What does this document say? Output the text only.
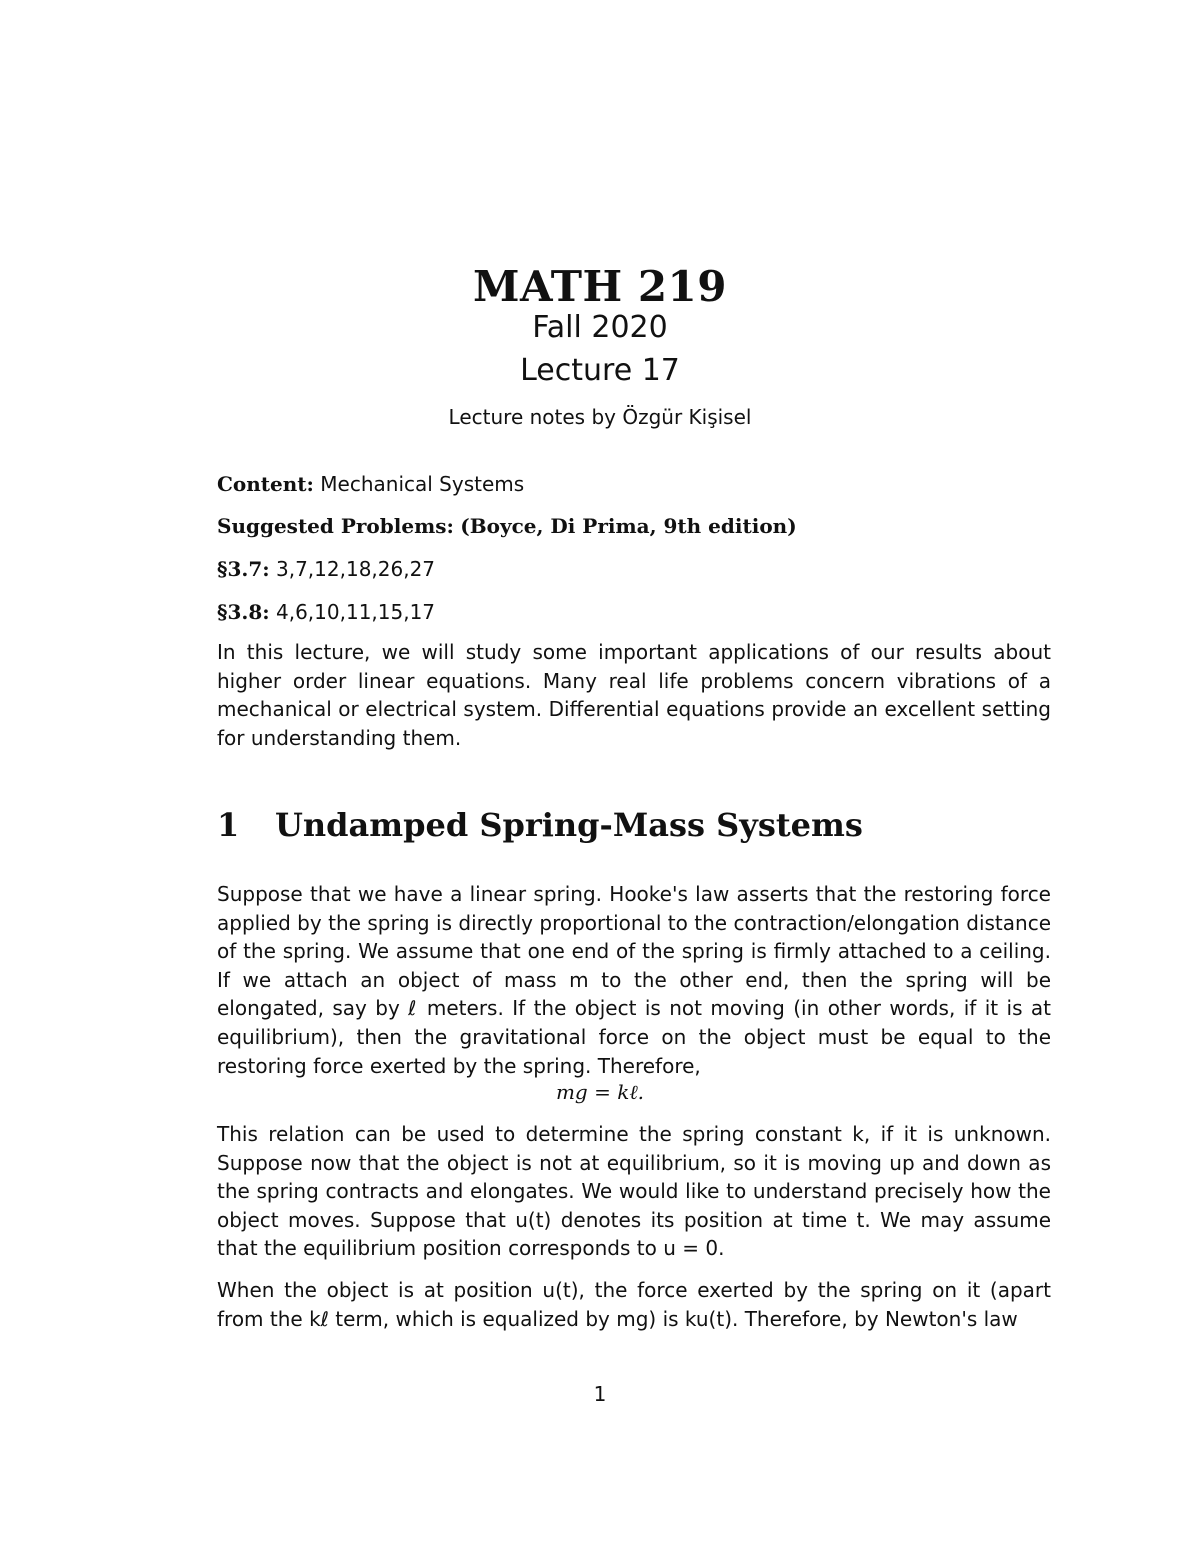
MATH 219
Fall 2020
Lecture 17
Lecture notes by Özgür Kişisel
Content: Mechanical Systems
Suggested Problems: (Boyce, Di Prima, 9th edition)
§3.7: 3,7,12,18,26,27
§3.8: 4,6,10,11,15,17

In this lecture, we will study some important applications of our results about higher order linear equations. Many real life problems concern vibrations of a mechanical or electrical system. Differential equations provide an excellent setting for understanding them.

1 Undamped Spring-Mass Systems

Suppose that we have a linear spring. Hooke's law asserts that the restoring force applied by the spring is directly proportional to the contraction/elongation distance of the spring. We assume that one end of the spring is firmly attached to a ceiling. If we attach an object of mass m to the other end, then the spring will be elongated, say by ℓ meters. If the object is not moving (in other words, if it is at equilibrium), then the gravitational force on the object must be equal to the restoring force exerted by the spring. Therefore,

mg = kℓ.

This relation can be used to determine the spring constant k, if it is unknown. Suppose now that the object is not at equilibrium, so it is moving up and down as the spring contracts and elongates. We would like to understand precisely how the object moves. Suppose that u(t) denotes its position at time t. We may assume that the equilibrium position corresponds to u = 0.

When the object is at position u(t), the force exerted by the spring on it (apart from the kℓ term, which is equalized by mg) is ku(t). Therefore, by Newton's law

1
